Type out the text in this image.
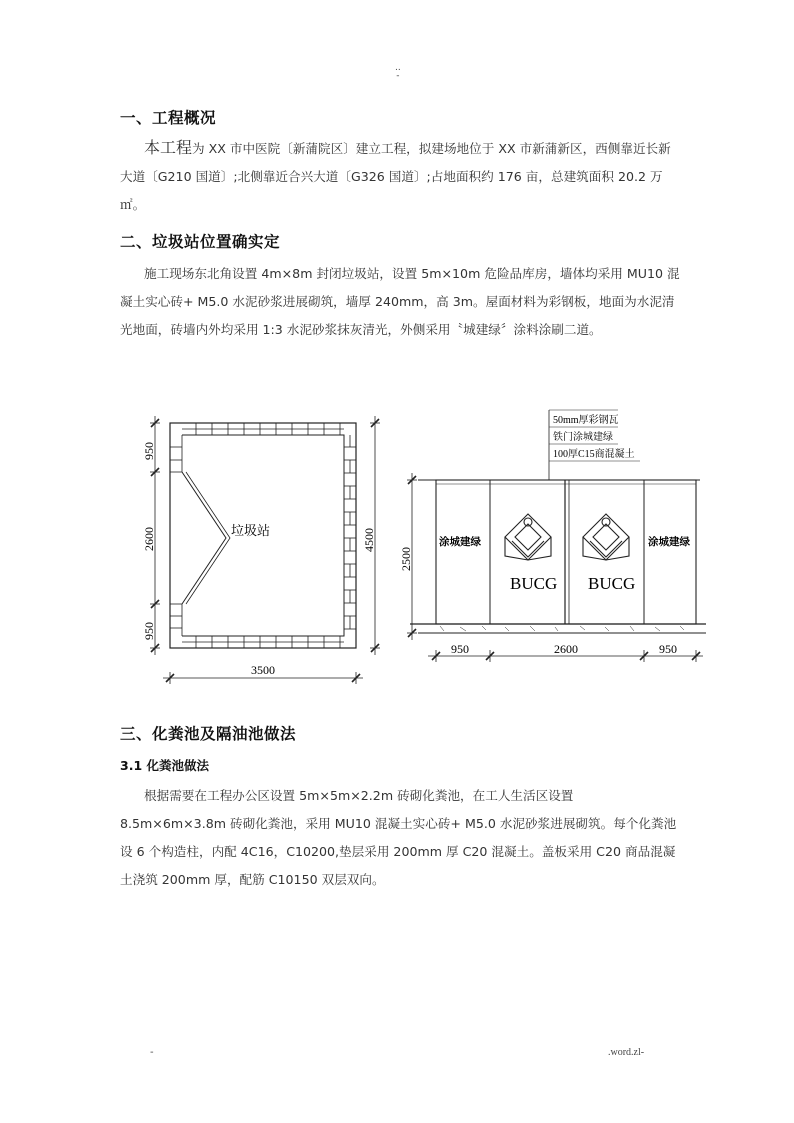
..
-
一、工程概况

本工程为 XX 市中医院〔新蒲院区〕建立工程，拟建场地位于 XX 市新蒲新区，西侧靠近长新大道〔G210 国道〕;北侧靠近合兴大道〔G326 国道〕;占地面积约 176 亩，总建筑面积 20.2 万㎡。

二、垃圾站位置确实定

施工现场东北角设置 4m×8m 封闭垃圾站，设置 5m×10m 危险品库房，墙体均采用 MU10 混凝土实心砖+ M5.0 水泥砂浆进展砌筑，墙厚 240mm，高 3m。屋面材料为彩钢板，地面为水泥清光地面，砖墙内外均采用 1:3 水泥砂浆抹灰清光，外侧采用〝城建绿〞涂料涂刷二道。

垃圾站
950
2600
950
4500
3500
50mm厚彩钢瓦
铁门涂城建绿
100厚C15商混凝土
涂城建绿	涂城建绿
BUCG BUCG
2500
950	2600	950
三、化粪池及隔油池做法
3.1 化粪池做法

根据需要在工程办公区设置 5m×5m×2.2m 砖砌化粪池，在工人生活区设置 8.5m×6m×3.8m 砖砌化粪池，采用 MU10 混凝土实心砖+ M5.0 水泥砂浆进展砌筑。每个化粪池设 6 个构造柱，内配 4C16，C10200,垫层采用 200mm 厚 C20 混凝土。盖板采用 C20 商品混凝土浇筑 200mm 厚，配筋 C10150 双层双向。

-	.word.zl-
